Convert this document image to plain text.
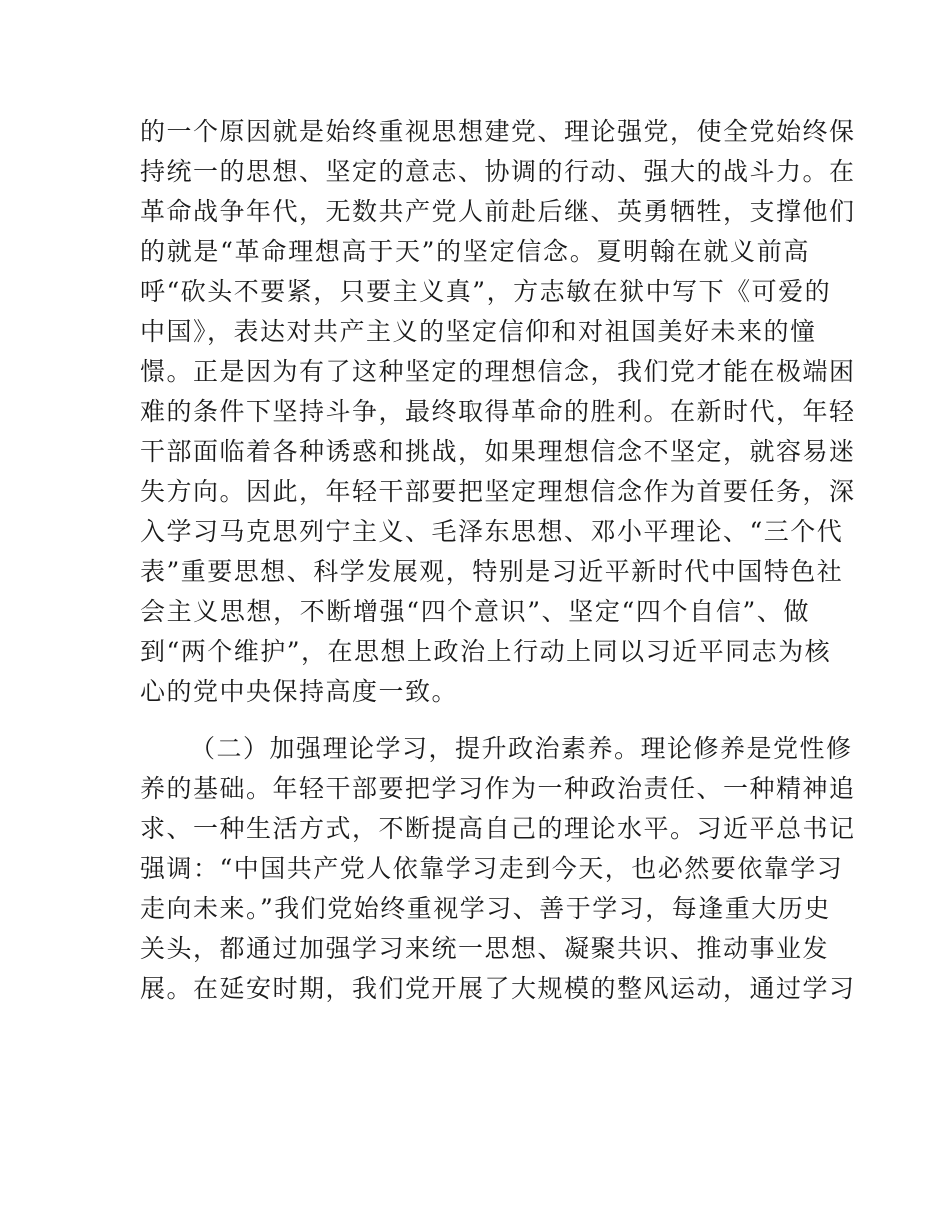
的一个原因就是始终重视思想建党、理论强党，使全党始终保
持统一的思想、坚定的意志、协调的行动、强大的战斗力。在
革命战争年代，无数共产党人前赴后继、英勇牺牲，支撑他们
的就是“革命理想高于天”的坚定信念。夏明翰在就义前高
呼“砍头不要紧，只要主义真”，方志敏在狱中写下《可爱的
中国》，表达对共产主义的坚定信仰和对祖国美好未来的憧
憬。正是因为有了这种坚定的理想信念，我们党才能在极端困
难的条件下坚持斗争，最终取得革命的胜利。在新时代，年轻
干部面临着各种诱惑和挑战，如果理想信念不坚定，就容易迷
失方向。因此，年轻干部要把坚定理想信念作为首要任务，深
入学习马克思列宁主义、毛泽东思想、邓小平理论、“三个代
表”重要思想、科学发展观，特别是习近平新时代中国特色社
会主义思想，不断增强“四个意识”、坚定“四个自信”、做
到“两个维护”，在思想上政治上行动上同以习近平同志为核
心的党中央保持高度一致。
（二）加强理论学习，提升政治素养。理论修养是党性修
养的基础。年轻干部要把学习作为一种政治责任、一种精神追
求、一种生活方式，不断提高自己的理论水平。习近平总书记
强调：“中国共产党人依靠学习走到今天，也必然要依靠学习
走向未来。”我们党始终重视学习、善于学习，每逢重大历史
关头，都通过加强学习来统一思想、凝聚共识、推动事业发
展。在延安时期，我们党开展了大规模的整风运动，通过学习
